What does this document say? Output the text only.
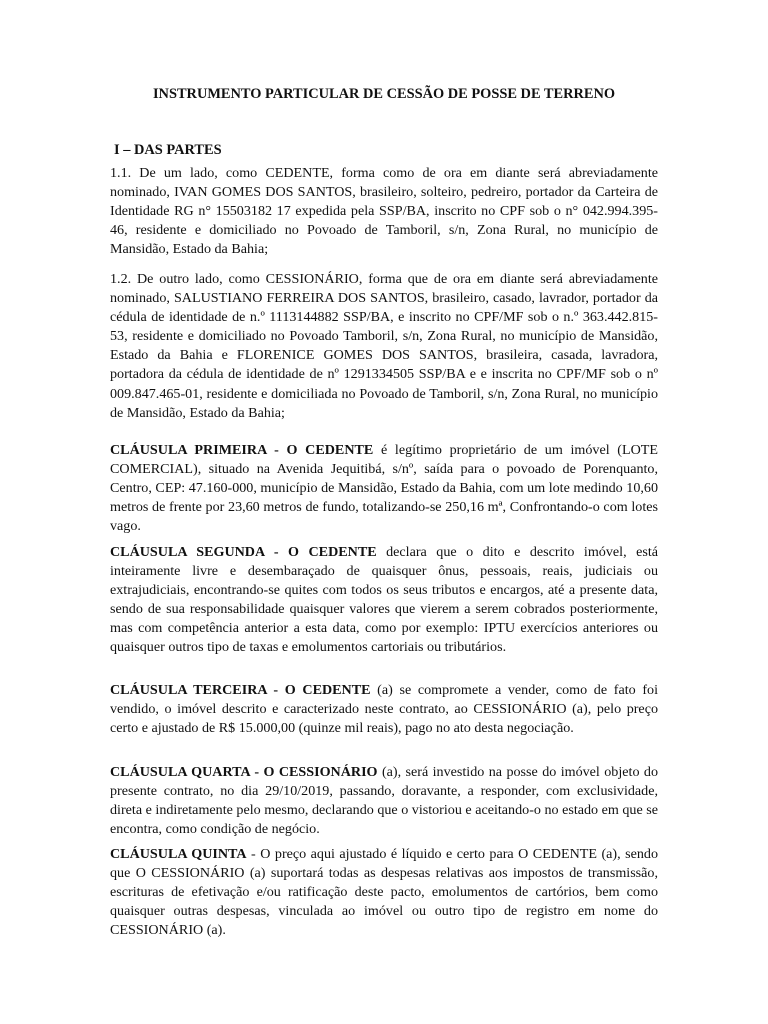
INSTRUMENTO PARTICULAR DE CESSÃO DE POSSE DE TERRENO
I – DAS PARTES

1.1. De um lado, como CEDENTE, forma como de ora em diante será abreviadamente nominado, IVAN GOMES DOS SANTOS, brasileiro, solteiro, pedreiro, portador da Carteira de Identidade RG n° 15503182 17 expedida pela SSP/BA, inscrito no CPF sob o n° 042.994.395-46, residente e domiciliado no Povoado de Tamboril, s/n, Zona Rural, no município de Mansidão, Estado da Bahia;

1.2. De outro lado, como CESSIONÁRIO, forma que de ora em diante será abreviadamente nominado, SALUSTIANO FERREIRA DOS SANTOS, brasileiro, casado, lavrador, portador da cédula de identidade de n.º 1113144882 SSP/BA, e inscrito no CPF/MF sob o n.º 363.442.815-53, residente e domiciliado no Povoado Tamboril, s/n, Zona Rural, no município de Mansidão, Estado da Bahia e FLORENICE GOMES DOS SANTOS, brasileira, casada, lavradora, portadora da cédula de identidade de nº 1291334505 SSP/BA e e inscrita no CPF/MF sob o nº 009.847.465-01, residente e domiciliada no Povoado de Tamboril, s/n, Zona Rural, no município de Mansidão, Estado da Bahia;

CLÁUSULA PRIMEIRA - O CEDENTE é legítimo proprietário de um imóvel (LOTE COMERCIAL), situado na Avenida Jequitibá, s/nº, saída para o povoado de Porenquanto, Centro, CEP: 47.160-000, município de Mansidão, Estado da Bahia, com um lote medindo 10,60 metros de frente por 23,60 metros de fundo, totalizando-se 250,16 mª, Confrontando-o com lotes vago.

CLÁUSULA SEGUNDA - O CEDENTE declara que o dito e descrito imóvel, está inteiramente livre e desembaraçado de quaisquer ônus, pessoais, reais, judiciais ou extrajudiciais, encontrando-se quites com todos os seus tributos e encargos, até a presente data, sendo de sua responsabilidade quaisquer valores que vierem a serem cobrados posteriormente, mas com competência anterior a esta data, como por exemplo: IPTU exercícios anteriores ou quaisquer outros tipo de taxas e emolumentos cartoriais ou tributários.

CLÁUSULA TERCEIRA - O CEDENTE (a) se compromete a vender, como de fato foi vendido, o imóvel descrito e caracterizado neste contrato, ao CESSIONÁRIO (a), pelo preço certo e ajustado de R$ 15.000,00 (quinze mil reais), pago no ato desta negociação.

CLÁUSULA QUARTA - O CESSIONÁRIO (a), será investido na posse do imóvel objeto do presente contrato, no dia 29/10/2019, passando, doravante, a responder, com exclusividade, direta e indiretamente pelo mesmo, declarando que o vistoriou e aceitando-o no estado em que se encontra, como condição de negócio.

CLÁUSULA QUINTA - O preço aqui ajustado é líquido e certo para O CEDENTE (a), sendo que O CESSIONÁRIO (a) suportará todas as despesas relativas aos impostos de transmissão, escrituras de efetivação e/ou ratificação deste pacto, emolumentos de cartórios, bem como quaisquer outras despesas, vinculada ao imóvel ou outro tipo de registro em nome do CESSIONÁRIO (a).
